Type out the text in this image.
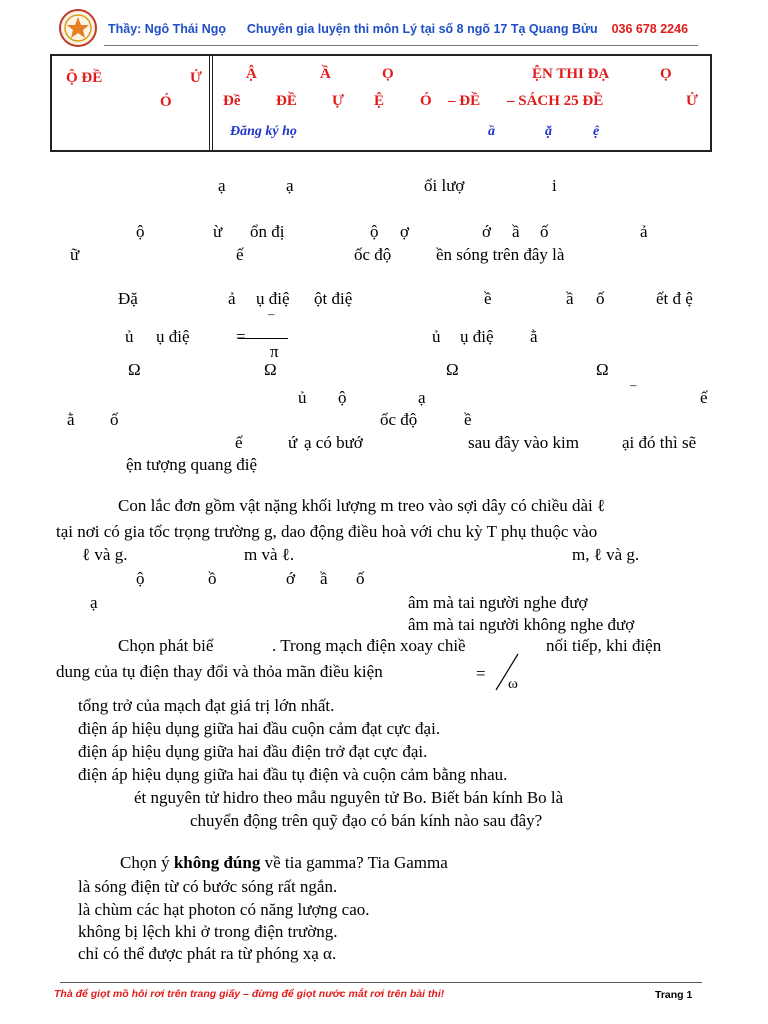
Thầy: Ngô Thái Ngọ Chuyên gia luyện thi môn Lý tại số 8 ngõ 17 Tạ Quang Bửu 036 678 2246
Ộ ĐỀ	Ử
Ó
Ậ	Ầ	Ọ	ỆN THI ĐẠ	Ọ
Đề ĐỀ Ự Ệ Ó – ĐỀ – SÁCH 25 ĐỀ	Ử
Đăng ký họ	ầ	ặ	ệ
ạ	ạ	ối lượ	i
ộ	ừ ổn đị	ộ ợ	ớ ầ ố	ả
ữ	ế	ốc độ	ền sóng trên đây là
Đặ	ả ụ điệ ột điệ	ề	ầ ố	ết đ ệ
–
ủ ụ điệ	=	ủ ụ điệ ằ
π
Ω	Ω	Ω	Ω
ủ ộ	ạ
–
ế
ằ ố	ốc độ	ề
ế	ứ ạ có bướ	sau đây vào kim	ại đó thì sẽ
ện tượng quang điệ
Con lắc đơn gồm vật nặng khối lượng m treo vào sợi dây có chiều dài ℓ
tại nơi có gia tốc trọng trường g, dao động điều hoà với chu kỳ T phụ thuộc vào
ℓ và g.	m và ℓ.	m, ℓ và g.
ộ	ồ	ớ ầ ố
ạ	âm mà tai người nghe đượ
âm mà tai người không nghe đượ
Chọn phát biể	. Trong mạch điện xoay chiề	nối tiếp, khi điện
dung của tụ điện thay đổi và thỏa mãn điều kiện	=
ω
tổng trở của mạch đạt giá trị lớn nhất.
điện áp hiệu dụng giữa hai đầu cuộn cảm đạt cực đại.
điện áp hiệu dụng giữa hai đầu điện trở đạt cực đại.
điện áp hiệu dụng giữa hai đầu tụ điện và cuộn cảm bằng nhau.
ét nguyên tử hidro theo mẫu nguyên tử Bo. Biết bán kính Bo là
chuyển động trên quỹ đạo có bán kính nào sau đây?
Chọn ý không đúng về tia gamma? Tia Gamma
là sóng điện từ có bước sóng rất ngắn.
là chùm các hạt photon có năng lượng cao.
không bị lệch khi ở trong điện trường.
chỉ có thể được phát ra từ phóng xạ α.
Thà để giọt mồ hôi rơi trên trang giấy – đừng để giọt nước mắt rơi trên bài thi!	Trang 1
